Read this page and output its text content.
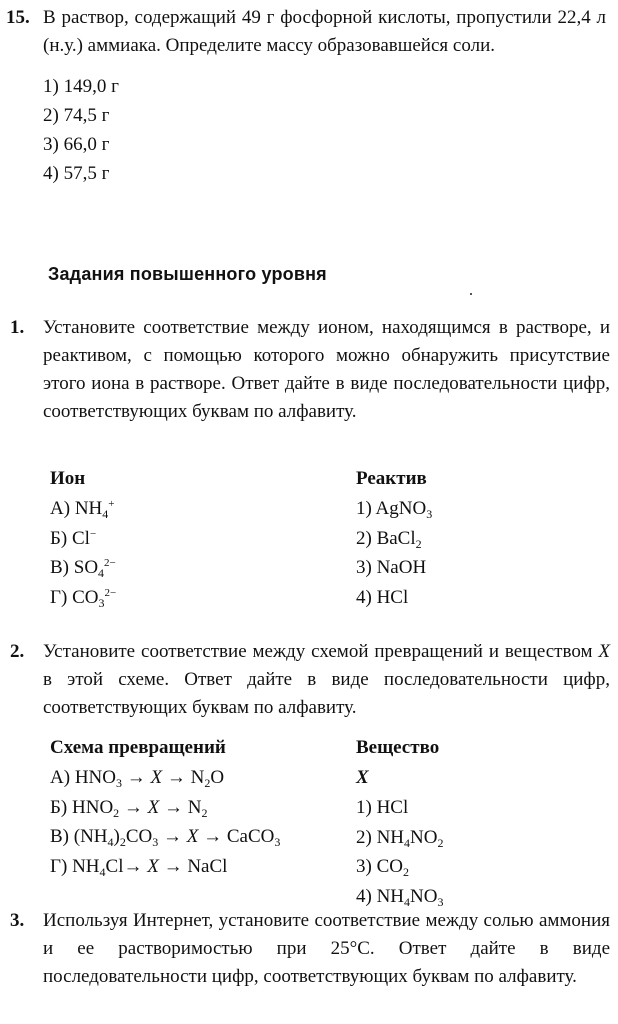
15. В раствор, содержащий 49 г фосфорной кислоты, пропустили 22,4 л (н.у.) аммиака. Определите массу образовавшейся соли.
1) 149,0 г
2) 74,5 г
3) 66,0 г
4) 57,5 г
Задания повышенного уровня
1. Установите соответствие между ионом, находящимся в растворе, и реактивом, с помощью которого можно обнаружить присутствие этого иона в растворе. Ответ дайте в виде последовательности цифр, соответствующих буквам по алфавиту.
Ион
А) $NH_4^+$
Б) Cl−
В) $SO_4^{2-}$
Г) $CO_3^{2-}$
Реактив
1) AgNO$_3$
2) BaCl$_2$
3) NaOH
4) HCl
2. Установите соответствие между схемой превращений и веществом X в этой схеме. Ответ дайте в виде последовательности цифр, соответствующих буквам по алфавиту.
Схема превращений
А) $HNO_3 \to X \to N_2O$
Б) $HNO_2 \to X \to N_2$
В) $(NH_4)_2CO_3 \to X$ → CaCO$_3$
Г) $NH_4Cl\to X$ → NaCl
Вещество X
1) HCl
2) $NH_4NO_2$
3) $CO_2$
4) $NH_4NO_3$
3. Используя Интернет, установите соответствие между солью аммония и ее растворимостью при 25°С. Ответ дайте в виде последовательности цифр, соответствующих буквам по алфавиту.
